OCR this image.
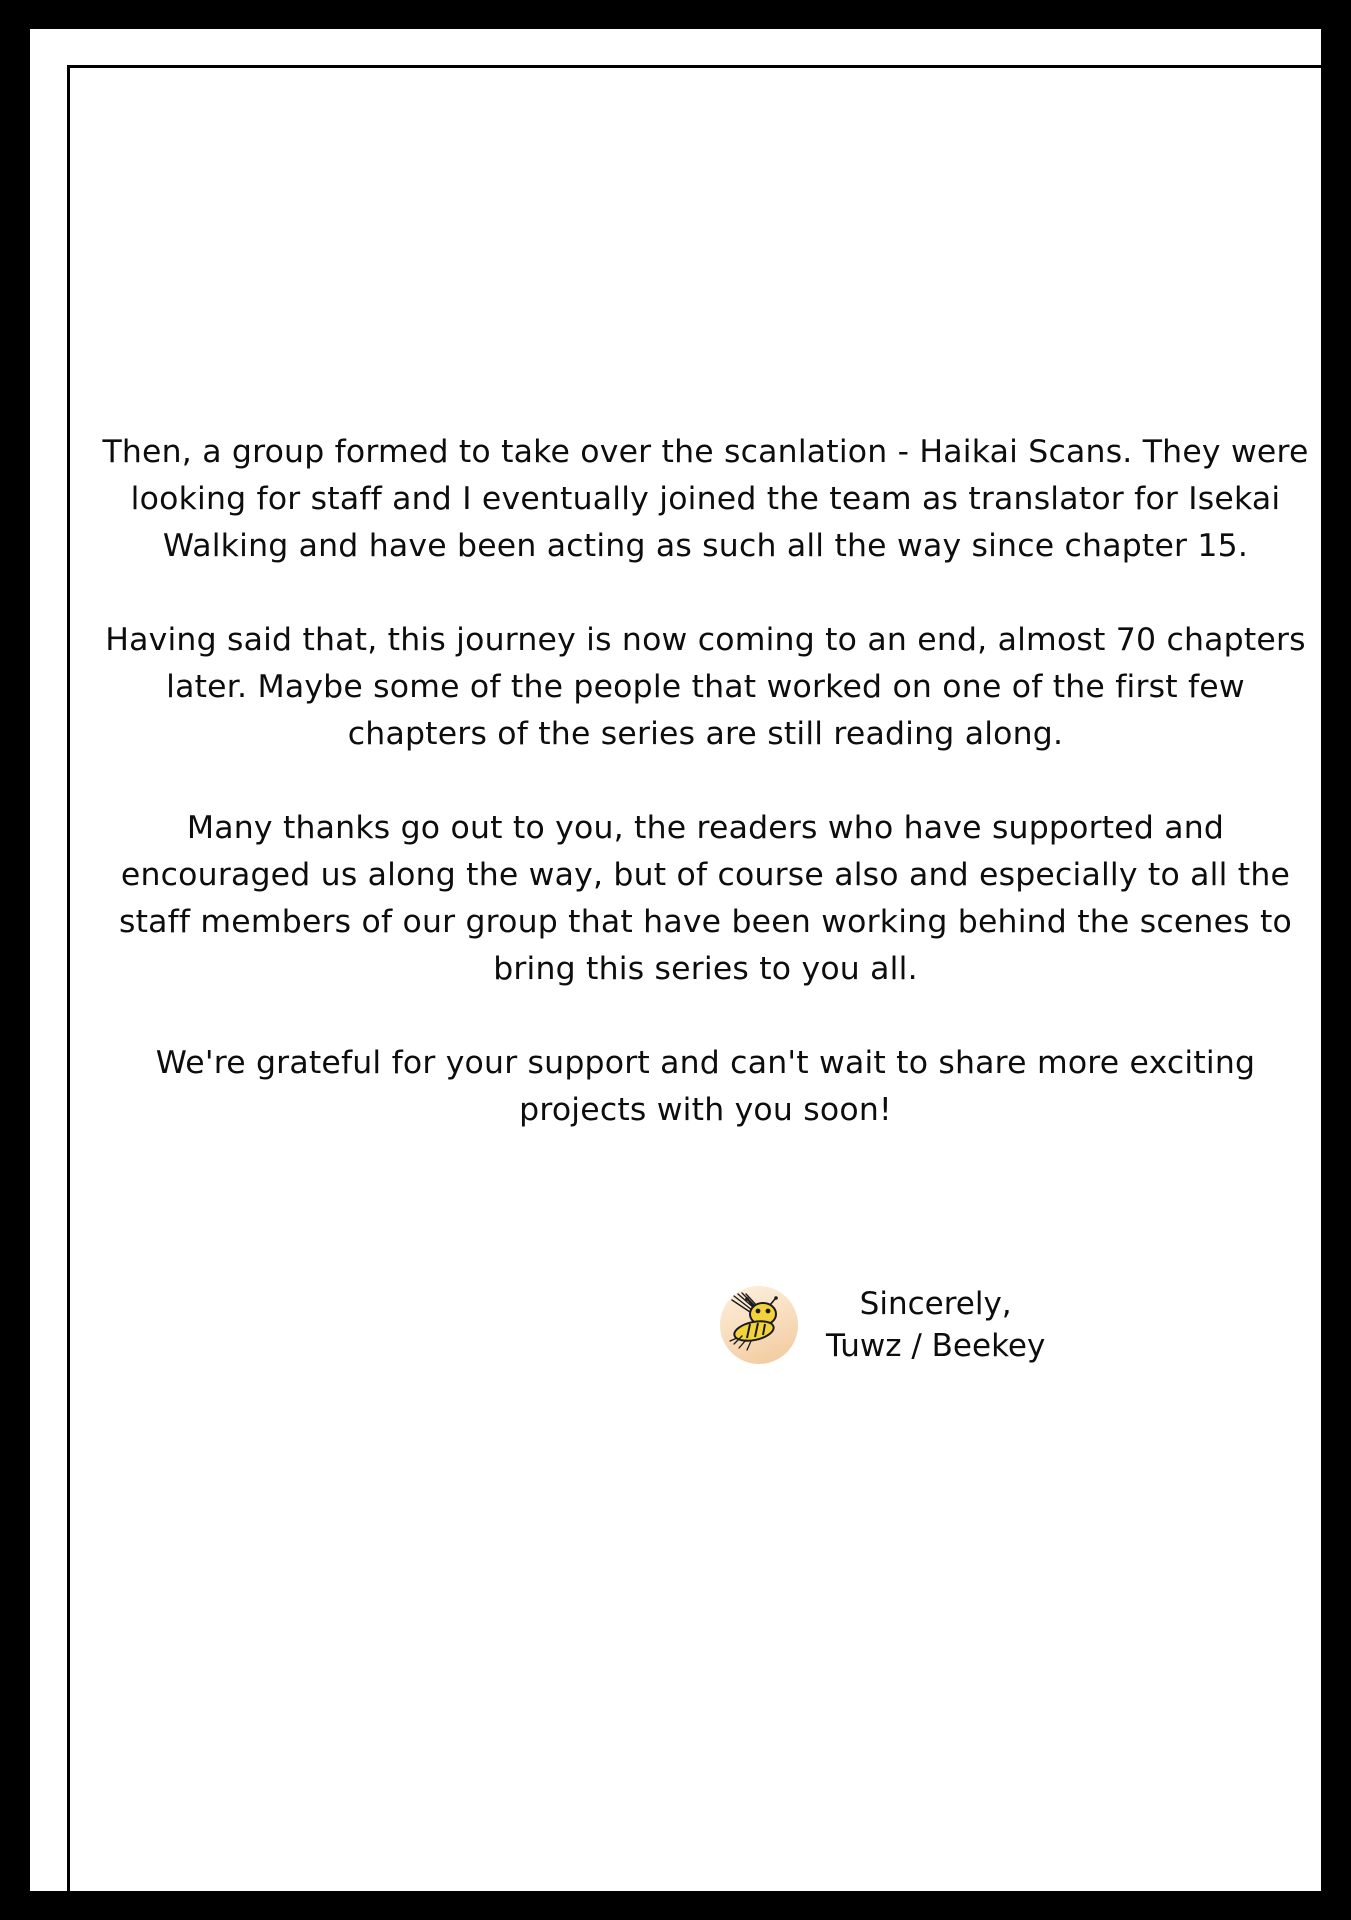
Then, a group formed to take over the scanlation - Haikai Scans. They were looking for staff and I eventually joined the team as translator for Isekai Walking and have been acting as such all the way since chapter 15.

Having said that, this journey is now coming to an end, almost 70 chapters later. Maybe some of the people that worked on one of the first few chapters of the series are still reading along.

Many thanks go out to you, the readers who have supported and encouraged us along the way, but of course also and especially to all the staff members of our group that have been working behind the scenes to bring this series to you all.

We're grateful for your support and can't wait to share more exciting projects with you soon!

Sincerely,
Tuwz / Beekey
